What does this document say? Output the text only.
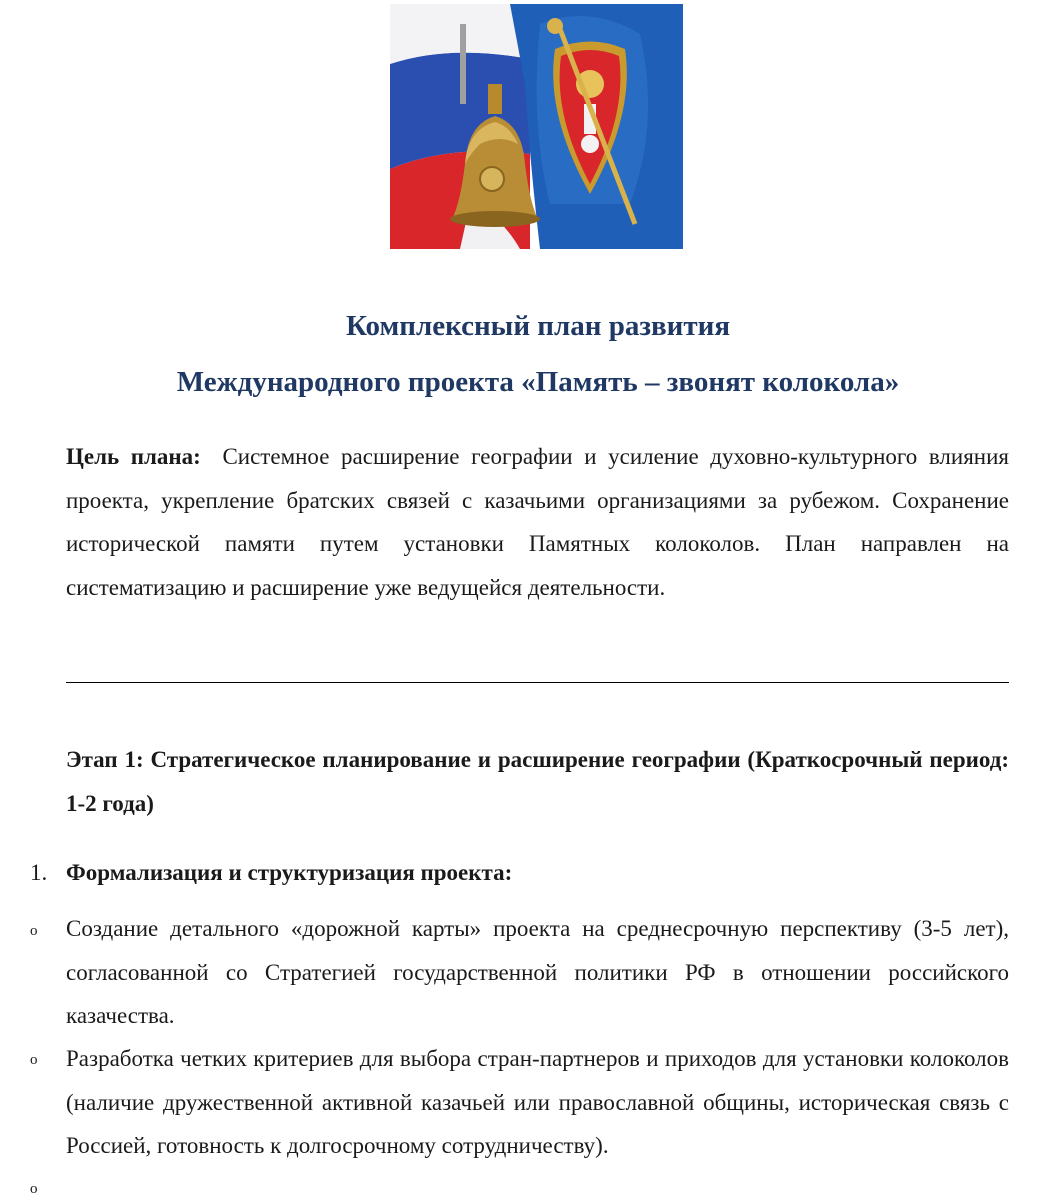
Комплексный план развития
Международного проекта «Память – звонят колокола»
Цель плана: Системное расширение географии и усиление духовно-культурного влияния проекта, укрепление братских связей с казачьими организациями за рубежом. Сохранение исторической памяти путем установки Памятных колоколов. План направлен на систематизацию и расширение уже ведущейся деятельности.
Этап 1: Стратегическое планирование и расширение географии (Краткосрочный период: 1-2 года)
1. Формализация и структуризация проекта:
o Создание детального «дорожной карты» проекта на среднесрочную перспективу (3-5 лет), согласованной со Стратегией государственной политики РФ в отношении российского казачества.
o Разработка четких критериев для выбора стран-партнеров и приходов для установки колоколов (наличие дружественной активной казачьей или православной общины, историческая связь с Россией, готовность к долгосрочному сотрудничеству).
o
